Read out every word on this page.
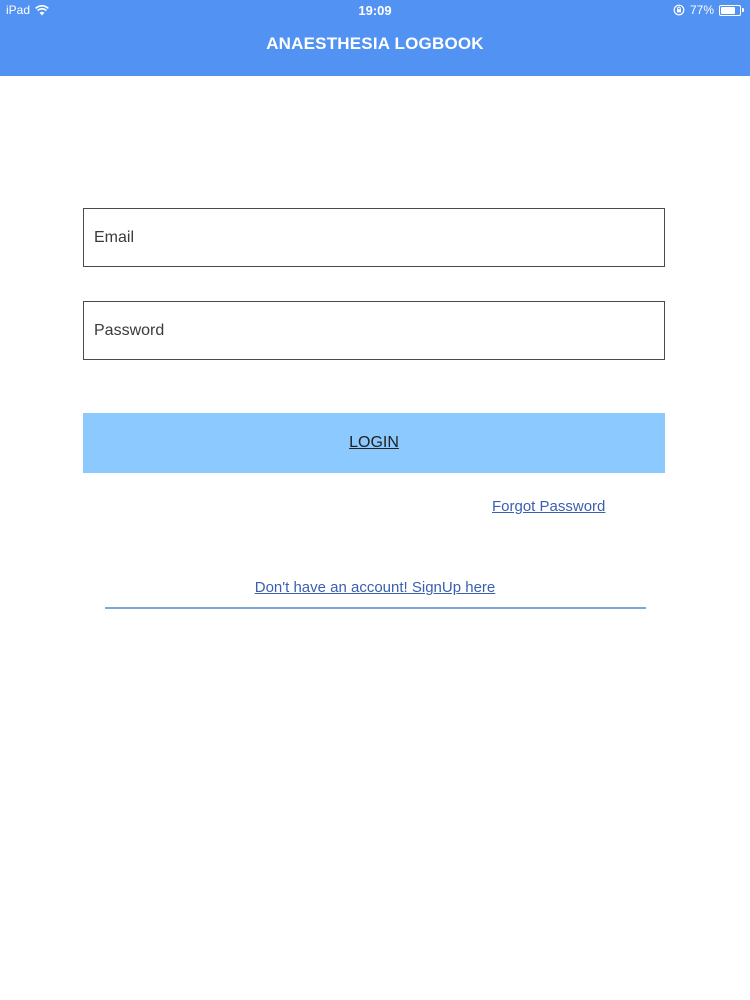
iPad	19:09	77%
ANAESTHESIA LOGBOOK
Email
LOGIN
Forgot Password
Don't have an account! SignUp here
